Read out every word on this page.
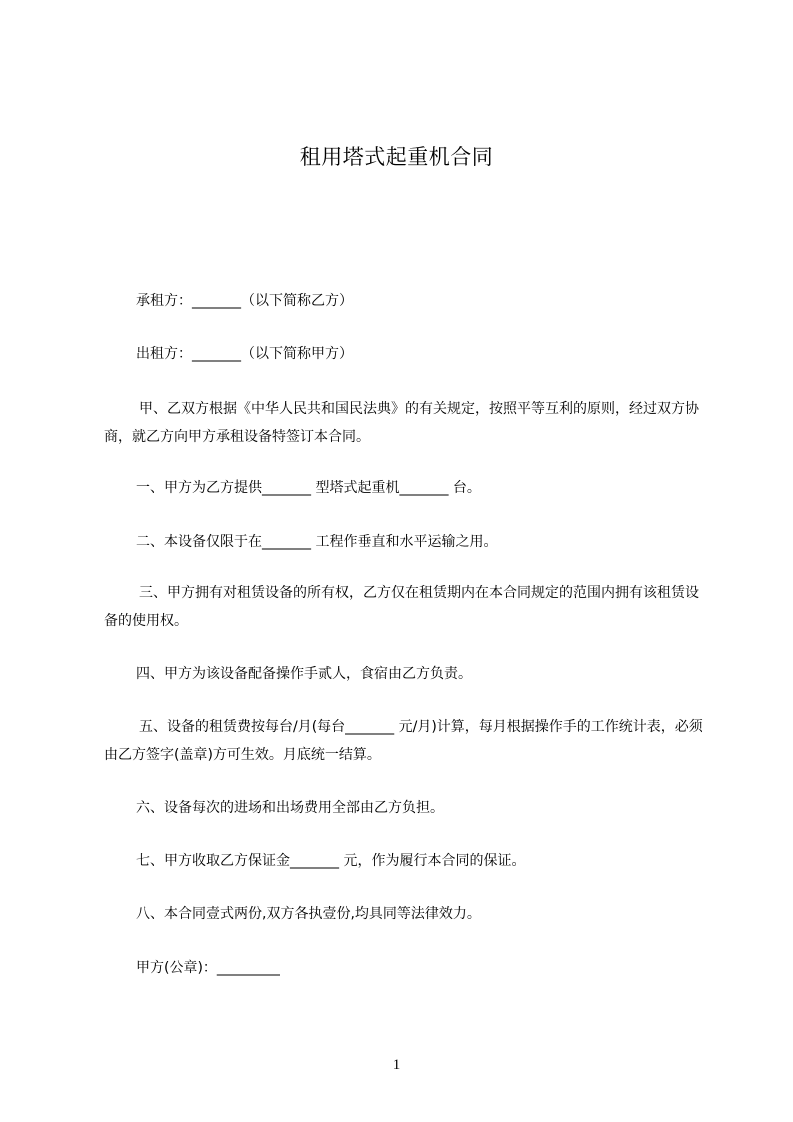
租用塔式起重机合同
承租方：_______（以下简称乙方）
出租方：_______（以下简称甲方）
甲、乙双方根据《中华人民共和国民法典》的有关规定，按照平等互利的原则，经过双方协商，就乙方向甲方承租设备特签订本合同。
一、甲方为乙方提供_______ 型塔式起重机_______ 台。
二、本设备仅限于在_______ 工程作垂直和水平运输之用。
三、甲方拥有对租赁设备的所有权，乙方仅在租赁期内在本合同规定的范围内拥有该租赁设备的使用权。
四、甲方为该设备配备操作手贰人，食宿由乙方负责。
五、设备的租赁费按每台/月(每台_______ 元/月)计算，每月根据操作手的工作统计表，必须由乙方签字(盖章)方可生效。月底统一结算。
六、设备每次的进场和出场费用全部由乙方负担。
七、甲方收取乙方保证金_______ 元，作为履行本合同的保证。
八、本合同壹式两份,双方各执壹份,均具同等法律效力。
甲方(公章)：_________
1
